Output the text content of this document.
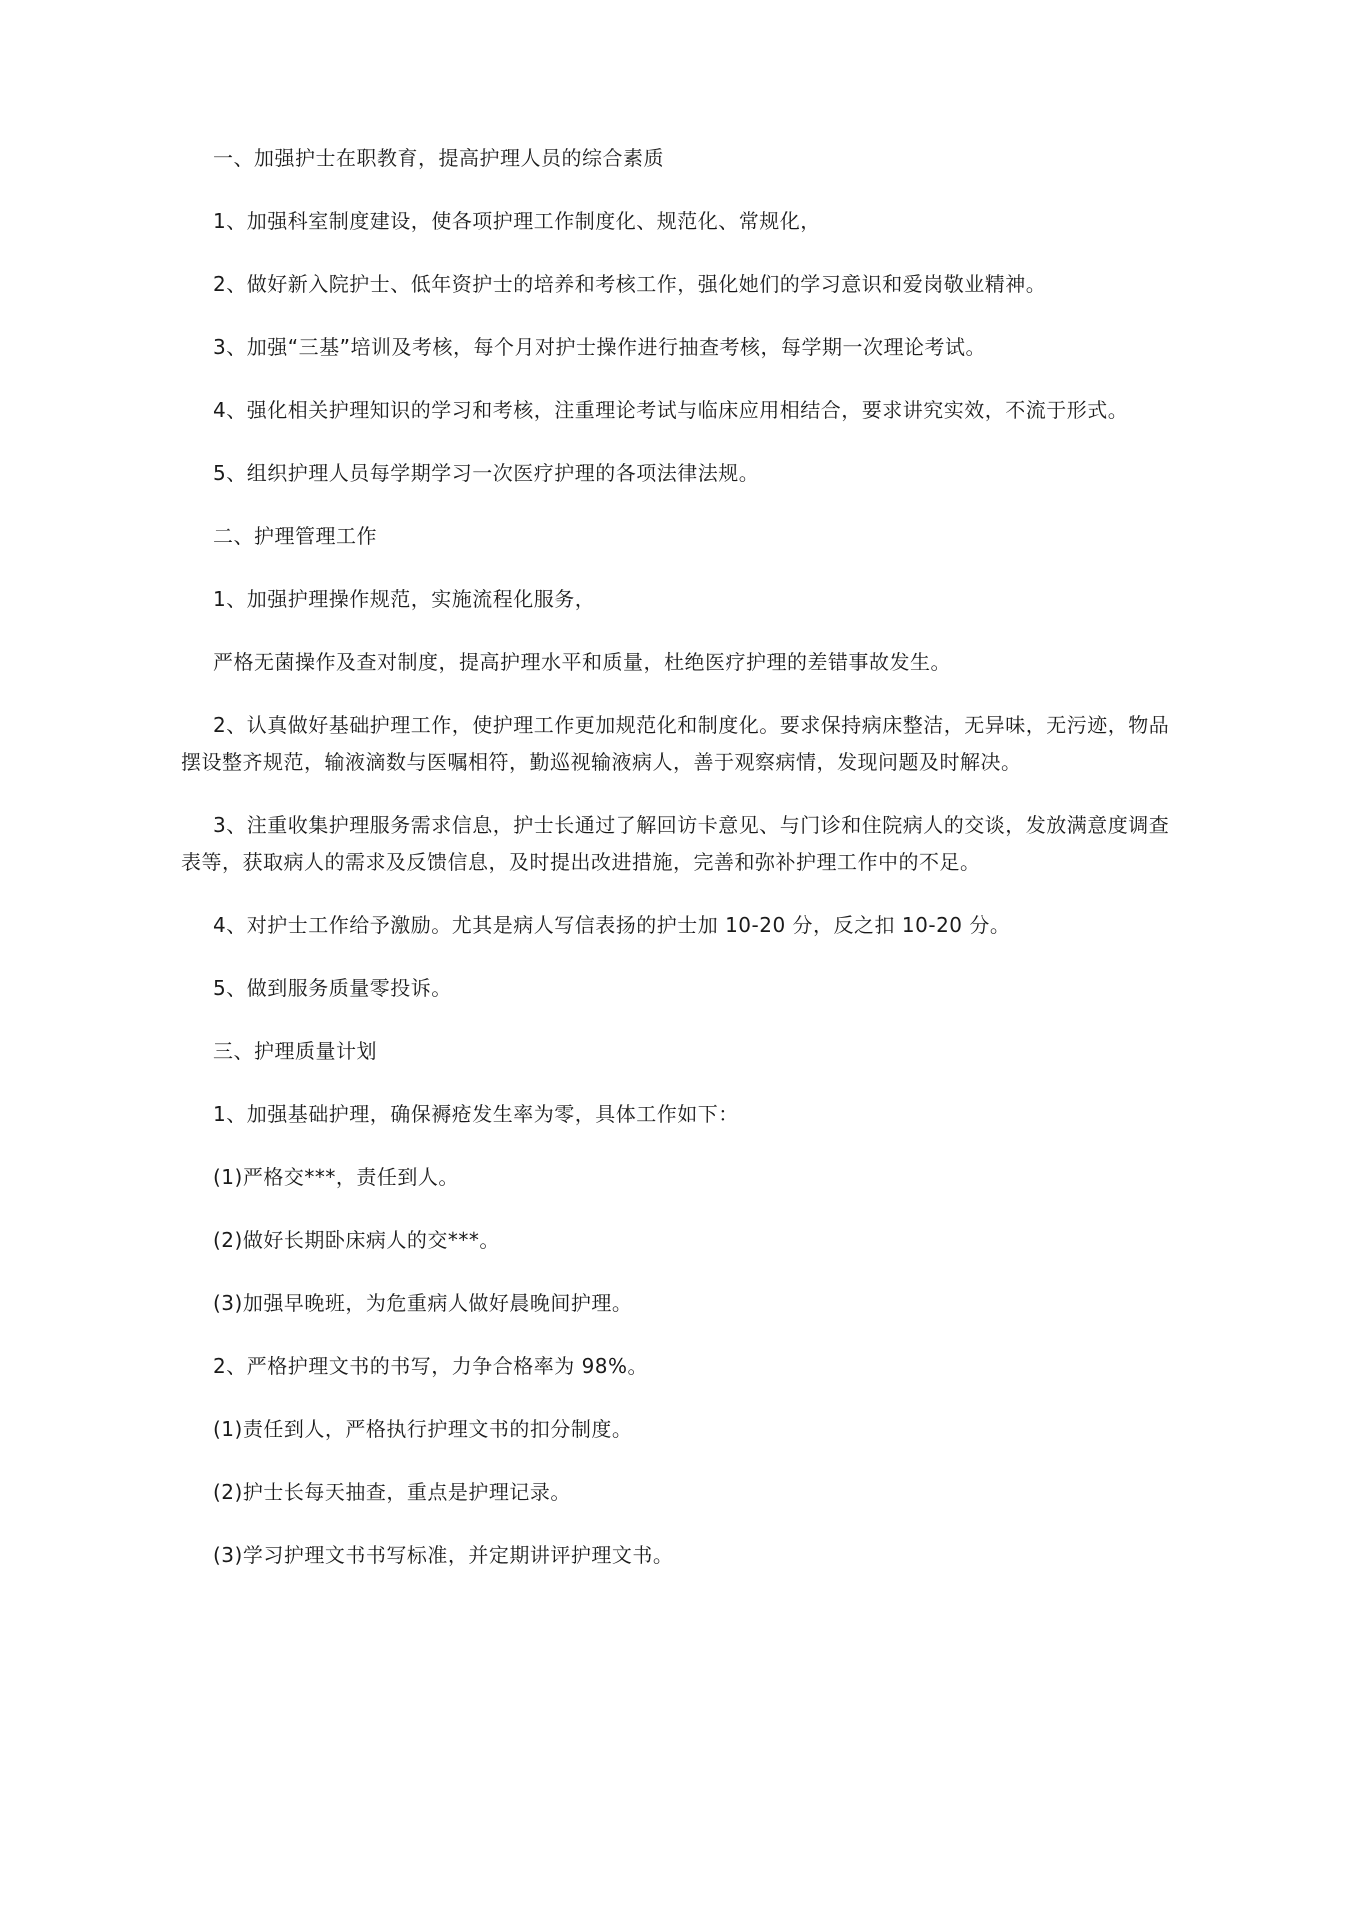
一、加强护士在职教育，提高护理人员的综合素质

1、加强科室制度建设，使各项护理工作制度化、规范化、常规化，

2、做好新入院护士、低年资护士的培养和考核工作，强化她们的学习意识和爱岗敬业精神。

3、加强“三基”培训及考核，每个月对护士操作进行抽查考核，每学期一次理论考试。

4、强化相关护理知识的学习和考核，注重理论考试与临床应用相结合，要求讲究实效，不流于形式。

5、组织护理人员每学期学习一次医疗护理的各项法律法规。

二、护理管理工作

1、加强护理操作规范，实施流程化服务，

严格无菌操作及查对制度，提高护理水平和质量，杜绝医疗护理的差错事故发生。

2、认真做好基础护理工作，使护理工作更加规范化和制度化。要求保持病床整洁，无异味，无污迹，物品摆设整齐规范，输液滴数与医嘱相符，勤巡视输液病人，善于观察病情，发现问题及时解决。

3、注重收集护理服务需求信息，护士长通过了解回访卡意见、与门诊和住院病人的交谈，发放满意度调查表等，获取病人的需求及反馈信息，及时提出改进措施，完善和弥补护理工作中的不足。

4、对护士工作给予激励。尤其是病人写信表扬的护士加 10-20 分，反之扣 10-20 分。

5、做到服务质量零投诉。

三、护理质量计划

1、加强基础护理，确保褥疮发生率为零，具体工作如下：

(1)严格交***，责任到人。

(2)做好长期卧床病人的交***。

(3)加强早晚班，为危重病人做好晨晚间护理。

2、严格护理文书的书写，力争合格率为 98%。

(1)责任到人，严格执行护理文书的扣分制度。

(2)护士长每天抽查，重点是护理记录。

(3)学习护理文书书写标准，并定期讲评护理文书。
